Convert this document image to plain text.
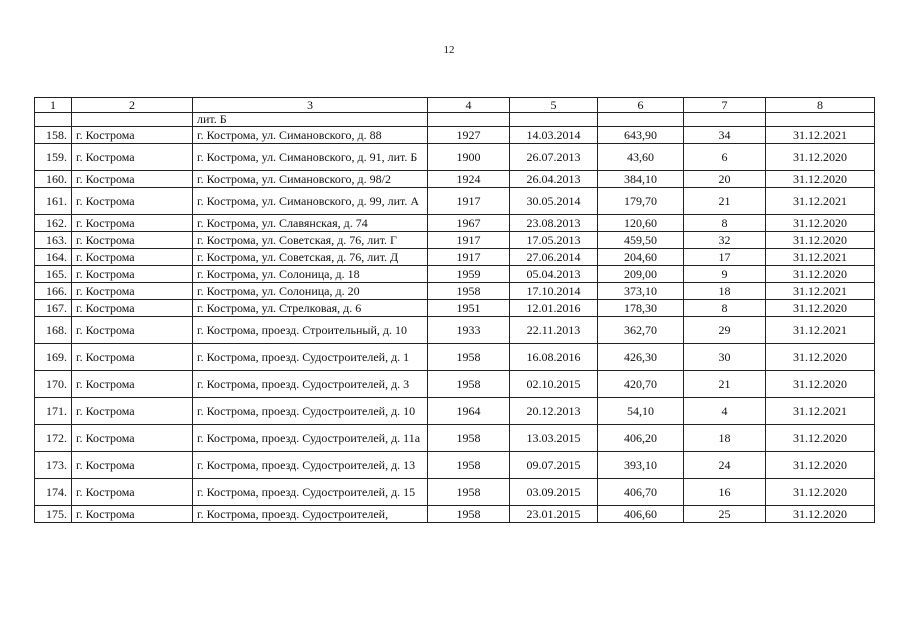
12
1	2	3	4	5	6	7	8
		лит. Б					
158.	г. Кострома	г. Кострома, ул. Симановского, д. 88	1927	14.03.2014	643,90	34	31.12.2021
159.	г. Кострома	г. Кострома, ул. Симановского, д. 91, лит. Б	1900	26.07.2013	43,60	6	31.12.2020
160.	г. Кострома	г. Кострома, ул. Симановского, д. 98/2	1924	26.04.2013	384,10	20	31.12.2020
161.	г. Кострома	г. Кострома, ул. Симановского, д. 99, лит. А	1917	30.05.2014	179,70	21	31.12.2021
162.	г. Кострома	г. Кострома, ул. Славянская, д. 74	1967	23.08.2013	120,60	8	31.12.2020
163.	г. Кострома	г. Кострома, ул. Советская, д. 76, лит. Г	1917	17.05.2013	459,50	32	31.12.2020
164.	г. Кострома	г. Кострома, ул. Советская, д. 76, лит. Д	1917	27.06.2014	204,60	17	31.12.2021
165.	г. Кострома	г. Кострома, ул. Солоница, д. 18	1959	05.04.2013	209,00	9	31.12.2020
166.	г. Кострома	г. Кострома, ул. Солоница, д. 20	1958	17.10.2014	373,10	18	31.12.2021
167.	г. Кострома	г. Кострома, ул. Стрелковая, д. 6	1951	12.01.2016	178,30	8	31.12.2020
168.	г. Кострома	г. Кострома, проезд. Строительный, д. 10	1933	22.11.2013	362,70	29	31.12.2021
169.	г. Кострома	г. Кострома, проезд. Судостроителей, д. 1	1958	16.08.2016	426,30	30	31.12.2020
170.	г. Кострома	г. Кострома, проезд. Судостроителей, д. 3	1958	02.10.2015	420,70	21	31.12.2020
171.	г. Кострома	г. Кострома, проезд. Судостроителей, д. 10	1964	20.12.2013	54,10	4	31.12.2021
172.	г. Кострома	г. Кострома, проезд. Судостроителей, д. 11а	1958	13.03.2015	406,20	18	31.12.2020
173.	г. Кострома	г. Кострома, проезд. Судостроителей, д. 13	1958	09.07.2015	393,10	24	31.12.2020
174.	г. Кострома	г. Кострома, проезд. Судостроителей, д. 15	1958	03.09.2015	406,70	16	31.12.2020
175.	г. Кострома	г. Кострома, проезд. Судостроителей,	1958	23.01.2015	406,60	25	31.12.2020
